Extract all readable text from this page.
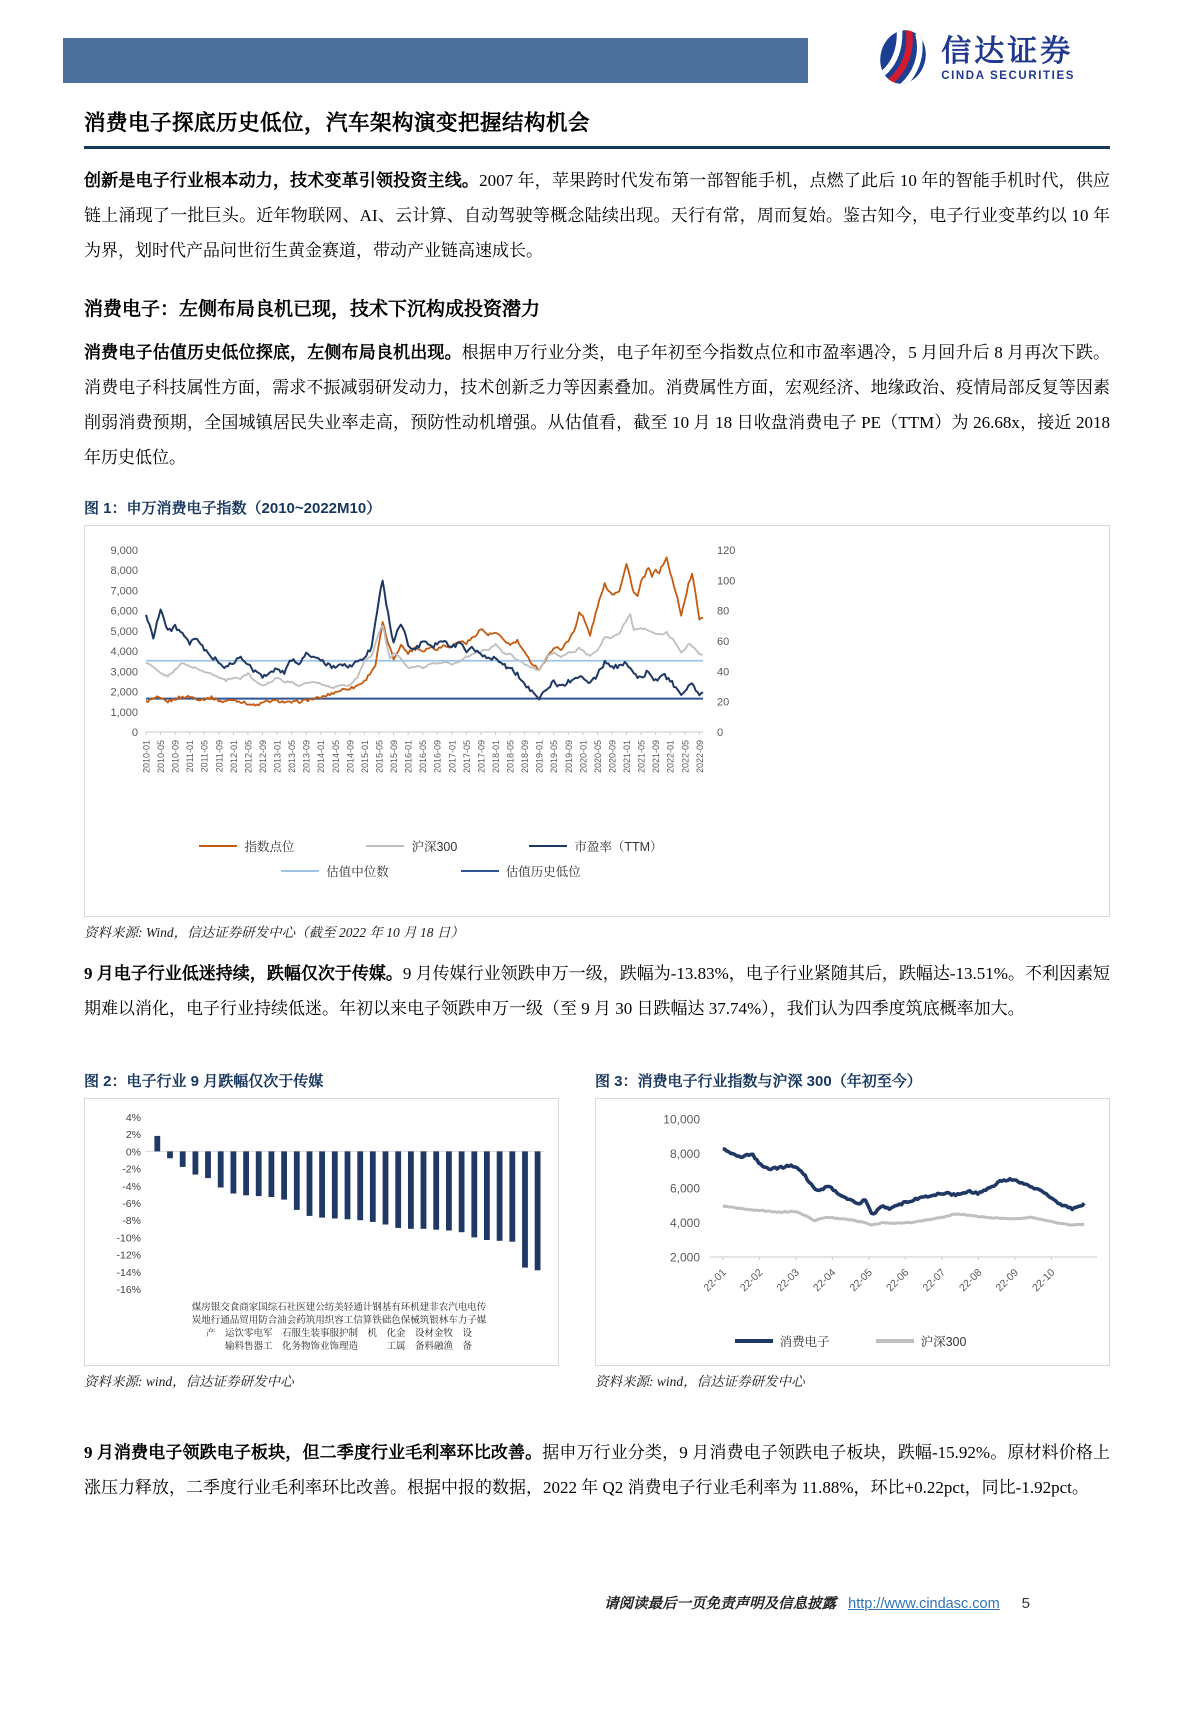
信达证券
CINDA SECURITIES
消费电子探底历史低位，汽车架构演变把握结构机会

创新是电子行业根本动力，技术变革引领投资主线。2007 年，苹果跨时代发布第一部智能手机，点燃了此后 10 年的智能手机时代，供应链上涌现了一批巨头。近年物联网、AI、云计算、自动驾驶等概念陆续出现。天行有常，周而复始。鉴古知今，电子行业变革约以 10 年为界，划时代产品问世衍生黄金赛道，带动产业链高速成长。

消费电子：左侧布局良机已现，技术下沉构成投资潜力

消费电子估值历史低位探底，左侧布局良机出现。根据申万行业分类，电子年初至今指数点位和市盈率遇冷，5 月回升后 8 月再次下跌。消费电子科技属性方面，需求不振减弱研发动力，技术创新乏力等因素叠加。消费属性方面，宏观经济、地缘政治、疫情局部反复等因素削弱消费预期，全国城镇居民失业率走高，预防性动机增强。从估值看，截至 10 月 18 日收盘消费电子 PE（TTM）为 26.68x，接近 2018 年历史低位。

图 1：申万消费电子指数（2010~2022M10）
9,000
8,000
7,000
6,000
5,000
4,000
3,000
2,000
1,000
0
120
100
80
60
40
20
0
2010-01 2010-05 2010-09 2011-01 2011-05 2011-09 2012-01 2012-05 2012-09 2013-01 2013-05 2013-09 2014-01 2014-05 2014-09 2015-01 2015-05 2015-09 2016-01 2016-05 2016-09 2017-01 2017-05 2017-09 2018-01 2018-05 2018-09 2019-01 2019-05 2019-09 2020-01 2020-05 2020-09 2021-01 2021-05 2021-09 2022-01 2022-05 2022-09
指数点位	沪深300	市盈率（TTM）
估值中位数	估值历史低位
资料来源: Wind，信达证券研发中心（截至 2022 年 10 月 18 日）

9 月电子行业低迷持续，跌幅仅次于传媒。9 月传媒行业领跌申万一级，跌幅为-13.83%，电子行业紧随其后，跌幅达-13.51%。不利因素短期难以消化，电子行业持续低迷。年初以来电子领跌申万一级（至 9 月 30 日跌幅达 37.74%），我们认为四季度筑底概率加大。

图 2：电子行业 9 月跌幅仅次于传媒
4%
2%
0%
-2%
-4%
-6%
-8%
-10%
-12%
-14%
-16%
煤房银交食商家国综石社医建公纺美轻通计钢基有环机建非农汽电电传
炭地行通品贸用防合油会药筑用织容工信算铁础色保械筑银林车力子媒
产　运饮零电军　石服生装事服护制　机　化金　设材金牧　设
　　输料售器工　化务物饰业饰理造　　　工属　备料融渔　备
资料来源: wind，信达证券研发中心
图 3：消费电子行业指数与沪深 300（年初至今）
10,000
8,000
6,000
4,000
2,000
22-01 22-02 22-03 22-04 22-05 22-06 22-07 22-08 22-09 22-10
消费电子	沪深300
资料来源: wind，信达证券研发中心

9 月消费电子领跌电子板块，但二季度行业毛利率环比改善。据申万行业分类，9 月消费电子领跌电子板块，跌幅-15.92%。原材料价格上涨压力释放，二季度行业毛利率环比改善。根据中报的数据，2022 年 Q2 消费电子行业毛利率为 11.88%，环比+0.22pct，同比-1.92pct。

请阅读最后一页免责声明及信息披露 http://www.cindasc.com 5
